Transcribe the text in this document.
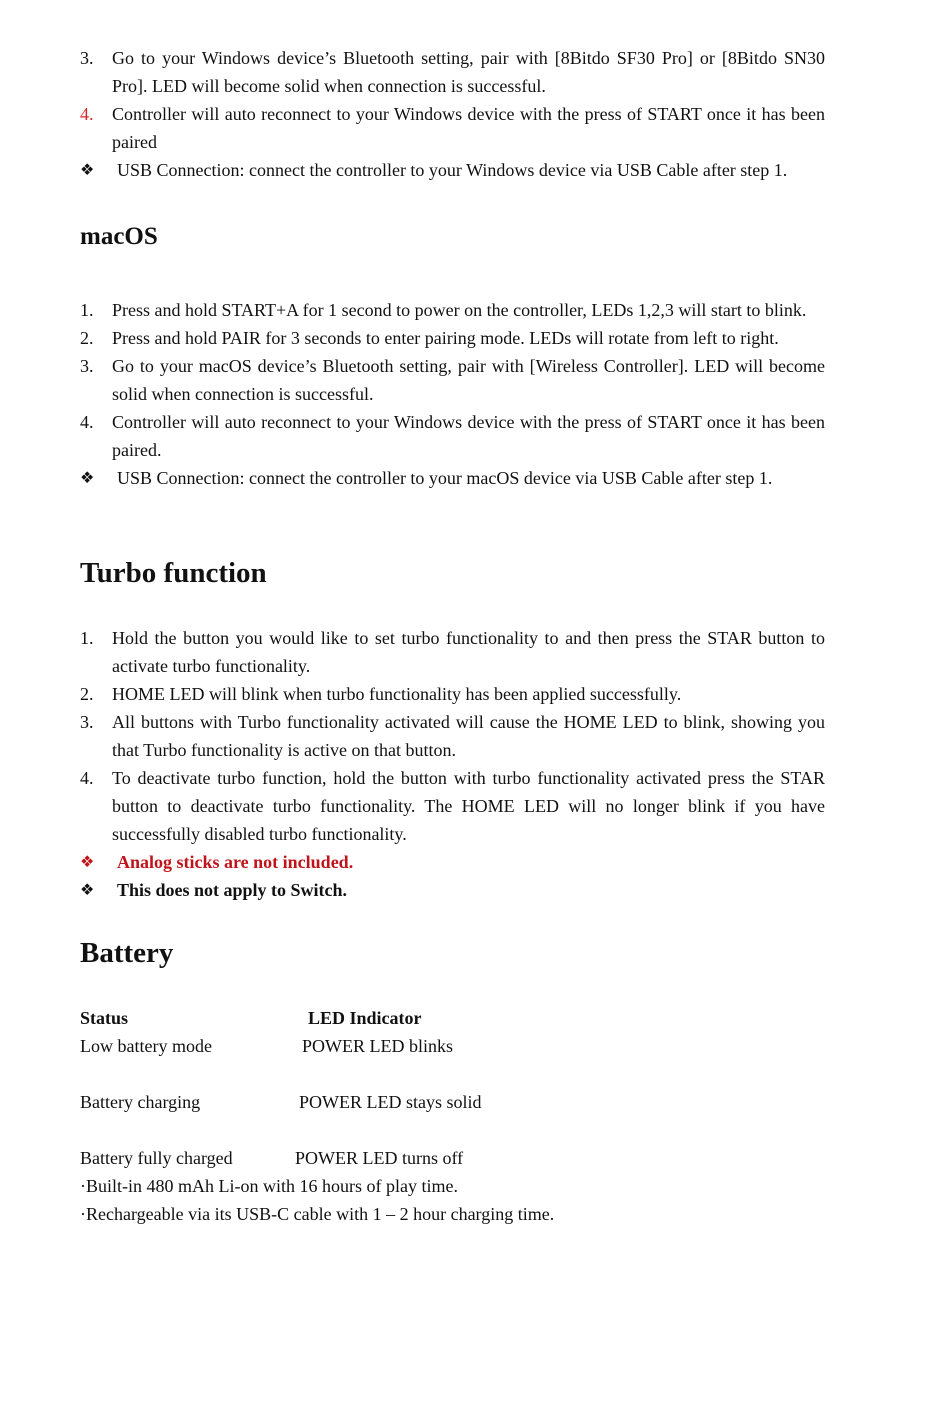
3. Go to your Windows device’s Bluetooth setting, pair with [8Bitdo SF30 Pro] or [8Bitdo SN30 Pro]. LED will become solid when connection is successful.
4. Controller will auto reconnect to your Windows device with the press of START once it has been paired
❖ USB Connection: connect the controller to your Windows device via USB Cable after step 1.
macOS
1. Press and hold START+A for 1 second to power on the controller, LEDs 1,2,3 will start to blink.
2. Press and hold PAIR for 3 seconds to enter pairing mode. LEDs will rotate from left to right.
3. Go to your macOS device’s Bluetooth setting, pair with [Wireless Controller]. LED will become solid when connection is successful.
4. Controller will auto reconnect to your Windows device with the press of START once it has been paired.
❖ USB Connection: connect the controller to your macOS device via USB Cable after step 1.
Turbo function
1. Hold the button you would like to set turbo functionality to and then press the STAR button to activate turbo functionality.
2. HOME LED will blink when turbo functionality has been applied successfully.
3. All buttons with Turbo functionality activated will cause the HOME LED to blink, showing you that Turbo functionality is active on that button.
4. To deactivate turbo function, hold the button with turbo functionality activated press the STAR button to deactivate turbo functionality. The HOME LED will no longer blink if you have successfully disabled turbo functionality.
❖ Analog sticks are not included.
❖ This does not apply to Switch.
Battery
Status	LED Indicator
Low battery mode	POWER LED blinks
Battery charging	POWER LED stays solid
Battery fully charged	POWER LED turns off
·Built-in 480 mAh Li-on with 16 hours of play time.
·Rechargeable via its USB-C cable with 1 – 2 hour charging time.
